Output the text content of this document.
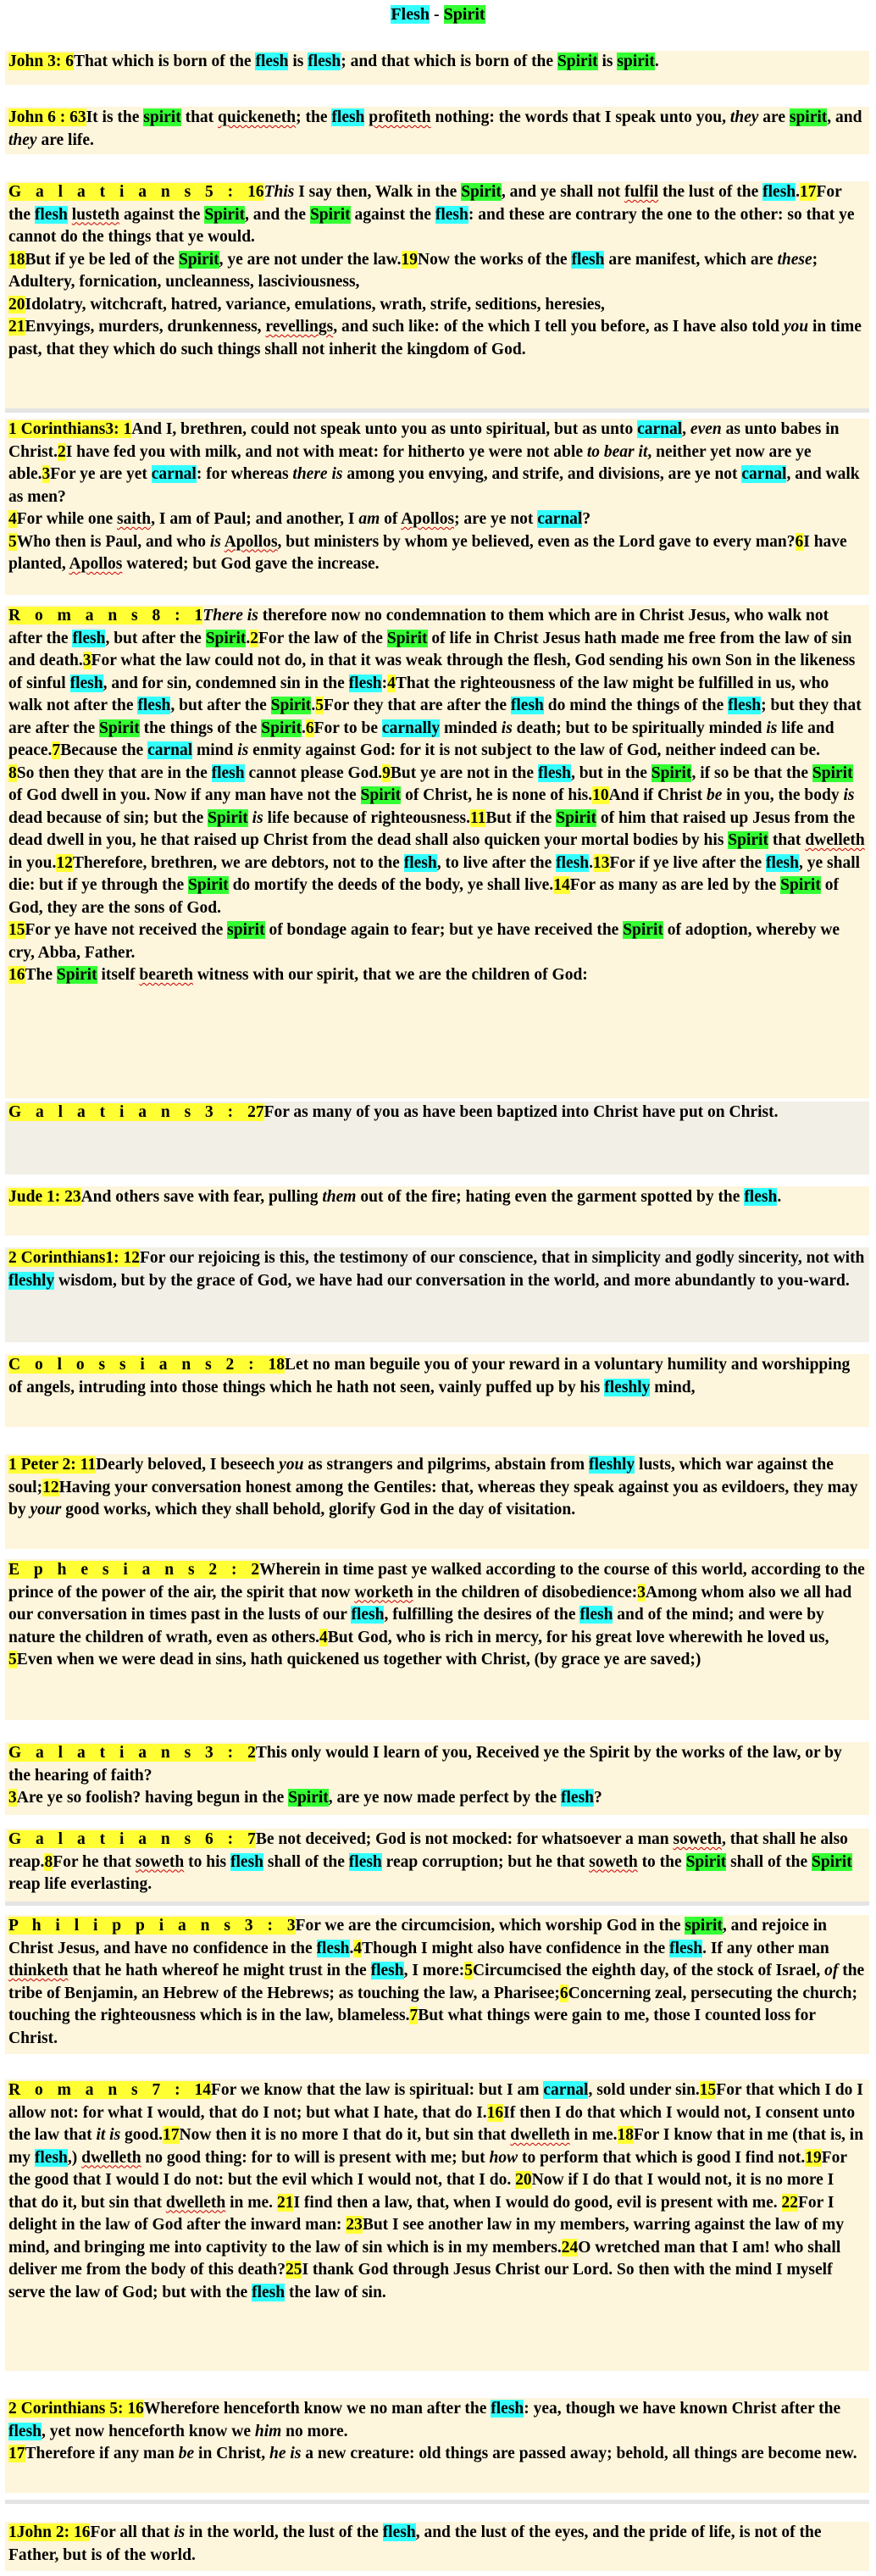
Flesh - Spirit

John 3: 6That which is born of the flesh is flesh; and that which is born of the Spirit is spirit.

John 6 : 63It is the spirit that quickeneth; the flesh profiteth nothing: the words that I speak unto you, they are spirit, and they are life.

G a l a t i a n s 5 : 16This I say then, Walk in the Spirit, and ye shall not fulfil the lust of the flesh.17For the flesh lusteth against the Spirit, and the Spirit against the flesh: and these are contrary the one to the other: so that ye cannot do the things that ye would.

18But if ye be led of the Spirit, ye are not under the law.19Now the works of the flesh are manifest, which are these; Adultery, fornication, uncleanness, lasciviousness,

20Idolatry, witchcraft, hatred, variance, emulations, wrath, strife, seditions, heresies,

21Envyings, murders, drunkenness, revellings, and such like: of the which I tell you before, as I have also told you in time past, that they which do such things shall not inherit the kingdom of God.

1 Corinthians3: 1And I, brethren, could not speak unto you as unto spiritual, but as unto carnal, even as unto babes in Christ.2I have fed you with milk, and not with meat: for hitherto ye were not able to bear it, neither yet now are ye able.3For ye are yet carnal: for whereas there is among you envying, and strife, and divisions, are ye not carnal, and walk as men?

4For while one saith, I am of Paul; and another, I am of Apollos; are ye not carnal?

5Who then is Paul, and who is Apollos, but ministers by whom ye believed, even as the Lord gave to every man?6I have planted, Apollos watered; but God gave the increase.

R o m a n s 8 : 1There is therefore now no condemnation to them which are in Christ Jesus, who walk not after the flesh, but after the Spirit.2For the law of the Spirit of life in Christ Jesus hath made me free from the law of sin and death.3For what the law could not do, in that it was weak through the flesh, God sending his own Son in the likeness of sinful flesh, and for sin, condemned sin in the flesh:4That the righteousness of the law might be fulfilled in us, who walk not after the flesh, but after the Spirit.5For they that are after the flesh do mind the things of the flesh; but they that are after the Spirit the things of the Spirit.6For to be carnally minded is death; but to be spiritually minded is life and peace.7Because the carnal mind is enmity against God: for it is not subject to the law of God, neither indeed can be.

8So then they that are in the flesh cannot please God.9But ye are not in the flesh, but in the Spirit, if so be that the Spirit of God dwell in you. Now if any man have not the Spirit of Christ, he is none of his.10And if Christ be in you, the body is dead because of sin; but the Spirit is life because of righteousness.11But if the Spirit of him that raised up Jesus from the dead dwell in you, he that raised up Christ from the dead shall also quicken your mortal bodies by his Spirit that dwelleth in you.12Therefore, brethren, we are debtors, not to the flesh, to live after the flesh.13For if ye live after the flesh, ye shall die: but if ye through the Spirit do mortify the deeds of the body, ye shall live.14For as many as are led by the Spirit of God, they are the sons of God.

15For ye have not received the spirit of bondage again to fear; but ye have received the Spirit of adoption, whereby we cry, Abba, Father.

16The Spirit itself beareth witness with our spirit, that we are the children of God:

G a l a t i a n s 3 : 27For as many of you as have been baptized into Christ have put on Christ.

Jude 1: 23And others save with fear, pulling them out of the fire; hating even the garment spotted by the flesh.

2 Corinthians1: 12For our rejoicing is this, the testimony of our conscience, that in simplicity and godly sincerity, not with fleshly wisdom, but by the grace of God, we have had our conversation in the world, and more abundantly to you-ward.

C o l o s s i a n s 2 : 18Let no man beguile you of your reward in a voluntary humility and worshipping of angels, intruding into those things which he hath not seen, vainly puffed up by his fleshly mind,

1 Peter 2: 11Dearly beloved, I beseech you as strangers and pilgrims, abstain from fleshly lusts, which war against the soul;12Having your conversation honest among the Gentiles: that, whereas they speak against you as evildoers, they may by your good works, which they shall behold, glorify God in the day of visitation.

E p h e s i a n s 2 : 2Wherein in time past ye walked according to the course of this world, according to the prince of the power of the air, the spirit that now worketh in the children of disobedience:3Among whom also we all had our conversation in times past in the lusts of our flesh, fulfilling the desires of the flesh and of the mind; and were by nature the children of wrath, even as others.4But God, who is rich in mercy, for his great love wherewith he loved us,

5Even when we were dead in sins, hath quickened us together with Christ, (by grace ye are saved;)

G a l a t i a n s 3 : 2This only would I learn of you, Received ye the Spirit by the works of the law, or by the hearing of faith?

3Are ye so foolish? having begun in the Spirit, are ye now made perfect by the flesh?

G a l a t i a n s 6 : 7Be not deceived; God is not mocked: for whatsoever a man soweth, that shall he also reap.8For he that soweth to his flesh shall of the flesh reap corruption; but he that soweth to the Spirit shall of the Spirit reap life everlasting.

P h i l i p p i a n s 3 : 3For we are the circumcision, which worship God in the spirit, and rejoice in Christ Jesus, and have no confidence in the flesh.4Though I might also have confidence in the flesh. If any other man thinketh that he hath whereof he might trust in the flesh, I more:5Circumcised the eighth day, of the stock of Israel, of the tribe of Benjamin, an Hebrew of the Hebrews; as touching the law, a Pharisee;6Concerning zeal, persecuting the church; touching the righteousness which is in the law, blameless.7But what things were gain to me, those I counted loss for Christ.

R o m a n s 7 : 14For we know that the law is spiritual: but I am carnal, sold under sin.15For that which I do I allow not: for what I would, that do I not; but what I hate, that do I.16If then I do that which I would not, I consent unto the law that it is good.17Now then it is no more I that do it, but sin that dwelleth in me.18For I know that in me (that is, in my flesh,) dwelleth no good thing: for to will is present with me; but how to perform that which is good I find not.19For the good that I would I do not: but the evil which I would not, that I do. 20Now if I do that I would not, it is no more I that do it, but sin that dwelleth in me. 21I find then a law, that, when I would do good, evil is present with me. 22For I delight in the law of God after the inward man: 23But I see another law in my members, warring against the law of my mind, and bringing me into captivity to the law of sin which is in my members.24O wretched man that I am! who shall deliver me from the body of this death?25I thank God through Jesus Christ our Lord. So then with the mind I myself serve the law of God; but with the flesh the law of sin.

2 Corinthians 5: 16Wherefore henceforth know we no man after the flesh: yea, though we have known Christ after the flesh, yet now henceforth know we him no more.

17Therefore if any man be in Christ, he is a new creature: old things are passed away; behold, all things are become new.

1John 2: 16For all that is in the world, the lust of the flesh, and the lust of the eyes, and the pride of life, is not of the Father, but is of the world.
